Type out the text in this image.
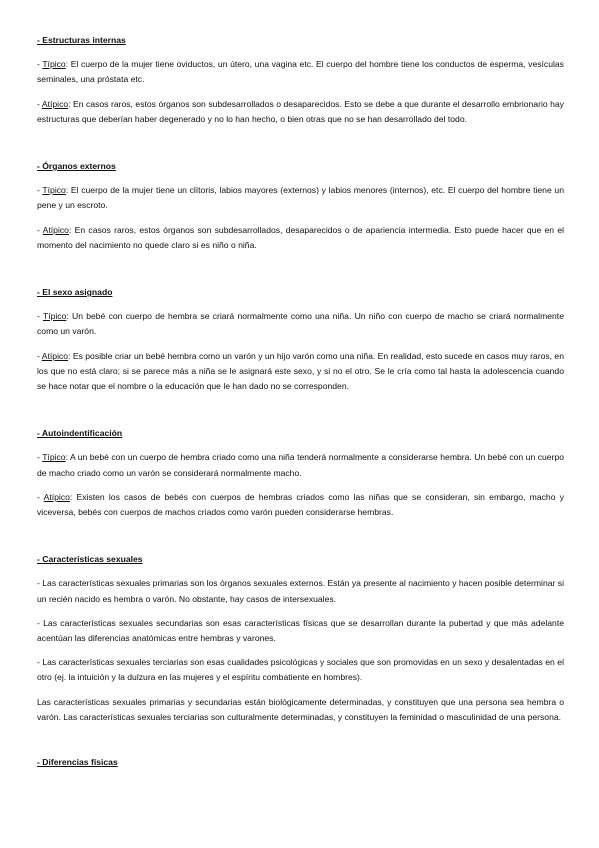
- Estructuras internas

- Típico: El cuerpo de la mujer tiene oviductos, un útero, una vagina etc. El cuerpo del hombre tiene los conductos de esperma, vesículas seminales, una próstata etc.

- Atípico: En casos raros, estos órganos son subdesarrollados o desaparecidos. Esto se debe a que durante el desarrollo embrionario hay estructuras que deberían haber degenerado y no lo han hecho, o bien otras que no se han desarrollado del todo.

- Órganos externos

- Típico: El cuerpo de la mujer tiene un clítoris, labios mayores (externos) y labios menores (internos), etc. El cuerpo del hombre tiene un pene y un escroto.

- Atípico: En casos raros, estos órganos son subdesarrollados, desaparecidos o de apariencia intermedia. Esto puede hacer que en el momento del nacimiento no quede claro si es niño o niña.

- El sexo asignado

- Típico: Un bebé con cuerpo de hembra se criará normalmente como una niña. Un niño con cuerpo de macho se criará normalmente como un varón.

- Atípico: Es posible criar un bebé hembra como un varón y un hijo varón como una niña. En realidad, esto sucede en casos muy raros, en los que no está claro; si se parece más a niña se le asignará este sexo, y si no el otro. Se le cría como tal hasta la adolescencia cuando se hace notar que el nombre o la educación que le han dado no se corresponden.

- Autoindentificación

- Típico: A un bebé con un cuerpo de hembra criado como una niña tenderá normalmente a considerarse hembra. Un bebé con un cuerpo de macho criado como un varón se considerará normalmente macho.

- Atípico: Existen los casos de bebés con cuerpos de hembras criados como las niñas que se consideran, sin embargo, macho y viceversa, bebés con cuerpos de machos criados como varón pueden considerarse hembras.

- Características sexuales

- Las características sexuales primarias son los órganos sexuales externos. Están ya presente al nacimiento y hacen posible determinar si un recién nacido es hembra o varón. No obstante, hay casos de intersexuales.

- Las características sexuales secundarias son esas características físicas que se desarrollan durante la pubertad y que más adelante acentúan las diferencias anatómicas entre hembras y varones.

- Las características sexuales terciarias son esas cualidades psicológicas y sociales que son promovidas en un sexo y desalentadas en el otro (ej. la intuición y la dulzura en las mujeres y el espíritu combatiente en hombres).

Las características sexuales primarias y secundarias están biológicamente determinadas, y constituyen que una persona sea hembra o varón. Las características sexuales terciarias son culturalmente determinadas, y constituyen la feminidad o masculinidad de una persona.

- Diferencias físicas
